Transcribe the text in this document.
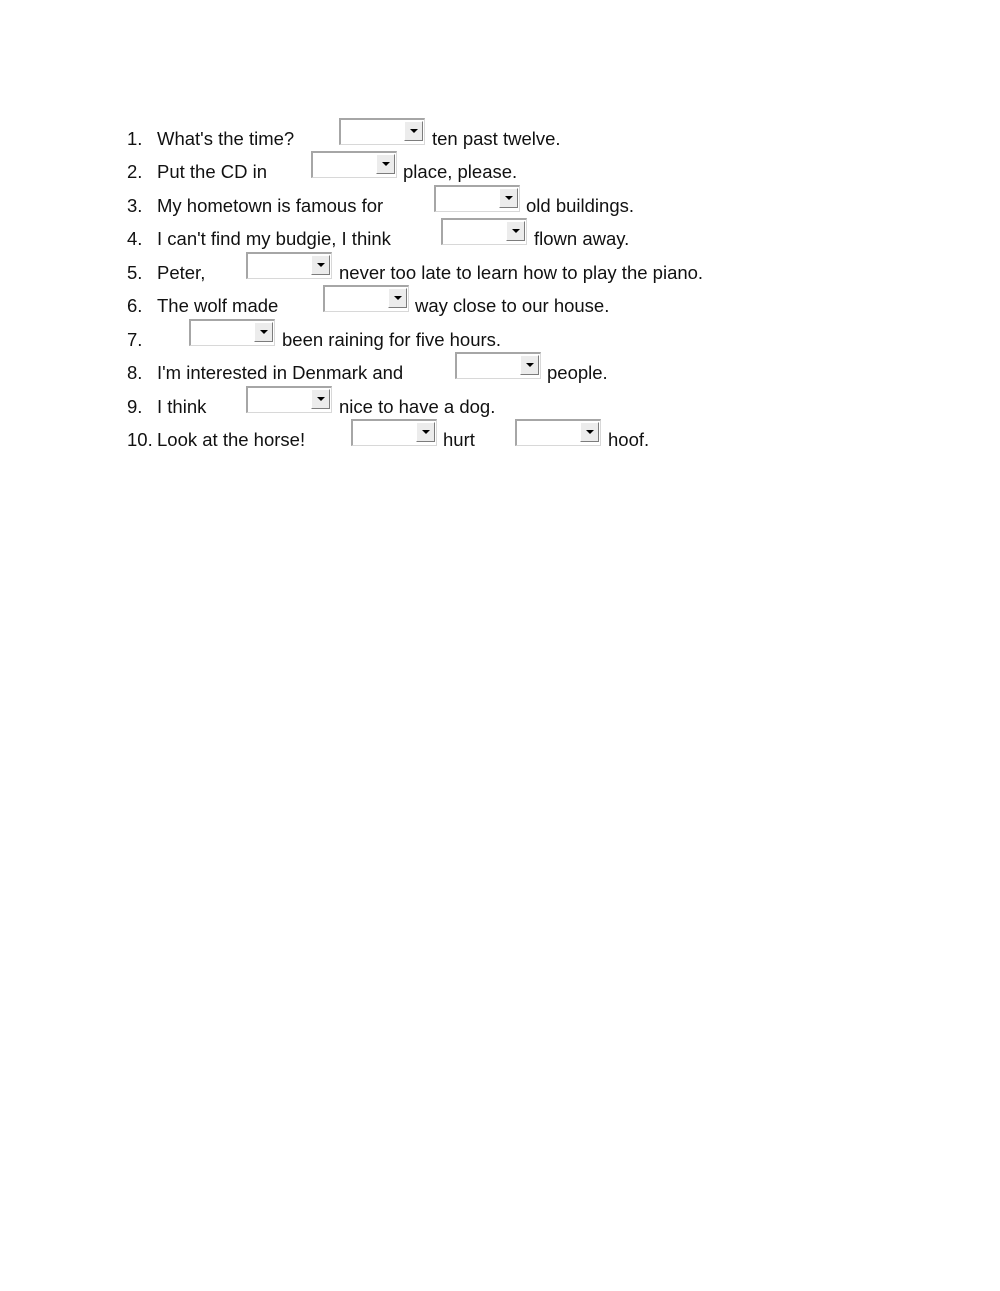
1. What's the time?	ten past twelve.
2. Put the CD in	place, please.
3. My hometown is famous for	old buildings.
4. I can't find my budgie, I think	flown away.
5. Peter,	never too late to learn how to play the piano.
6. The wolf made	way close to our house.
7.	been raining for five hours.
8. I'm interested in Denmark and	people.
9. I think	nice to have a dog.
10. Look at the horse!	hurt	hoof.
